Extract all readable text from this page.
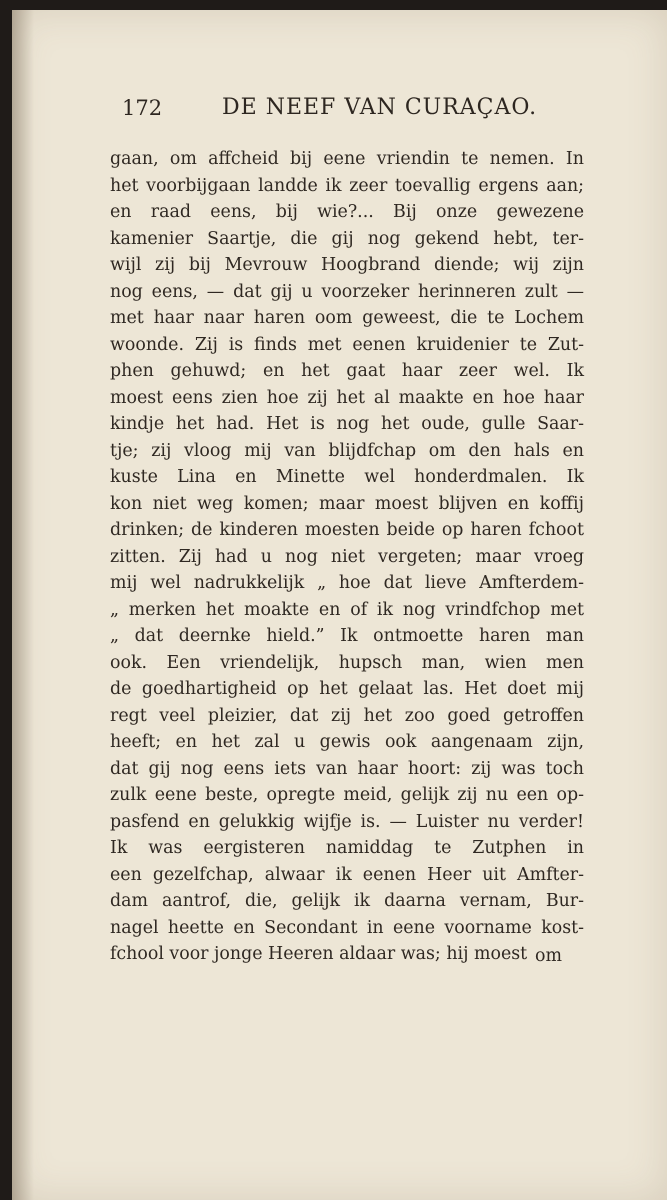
172	DE NEEF VAN CURAÇAO.
gaan, om affcheid bij eene vriendin te nemen. In
het voorbijgaan landde ik zeer toevallig ergens aan;
en raad eens, bij wie?... Bij onze gewezene
kamenier Saartje, die gij nog gekend hebt, ter-
wijl zij bij Mevrouw Hoogbrand diende; wij zijn
nog eens, — dat gij u voorzeker herinneren zult —
met haar naar haren oom geweest, die te Lochem
woonde. Zij is finds met eenen kruidenier te Zut-
phen gehuwd; en het gaat haar zeer wel. Ik
moest eens zien hoe zij het al maakte en hoe haar
kindje het had. Het is nog het oude, gulle Saar-
tje; zij vloog mij van blijdfchap om den hals en
kuste Lina en Minette wel honderdmalen. Ik
kon niet weg komen; maar moest blijven en koffij
drinken; de kinderen moesten beide op haren fchoot
zitten. Zij had u nog niet vergeten; maar vroeg
mij wel nadrukkelijk „ hoe dat lieve Amfterdem-
„ merken het moakte en of ik nog vrindfchop met
„ dat deernke hield.” Ik ontmoette haren man
ook. Een vriendelijk, hupsch man, wien men
de goedhartigheid op het gelaat las. Het doet mij
regt veel pleizier, dat zij het zoo goed getroffen
heeft; en het zal u gewis ook aangenaam zijn,
dat gij nog eens iets van haar hoort: zij was toch
zulk eene beste, opregte meid, gelijk zij nu een op-
pasfend en gelukkig wijfje is. — Luister nu verder!
Ik was eergisteren namiddag te Zutphen in
een gezelfchap, alwaar ik eenen Heer uit Amfter-
dam aantrof, die, gelijk ik daarna vernam, Bur-
nagel heette en Secondant in eene voorname kost-
fchool voor jonge Heeren aldaar was; hij moest om
